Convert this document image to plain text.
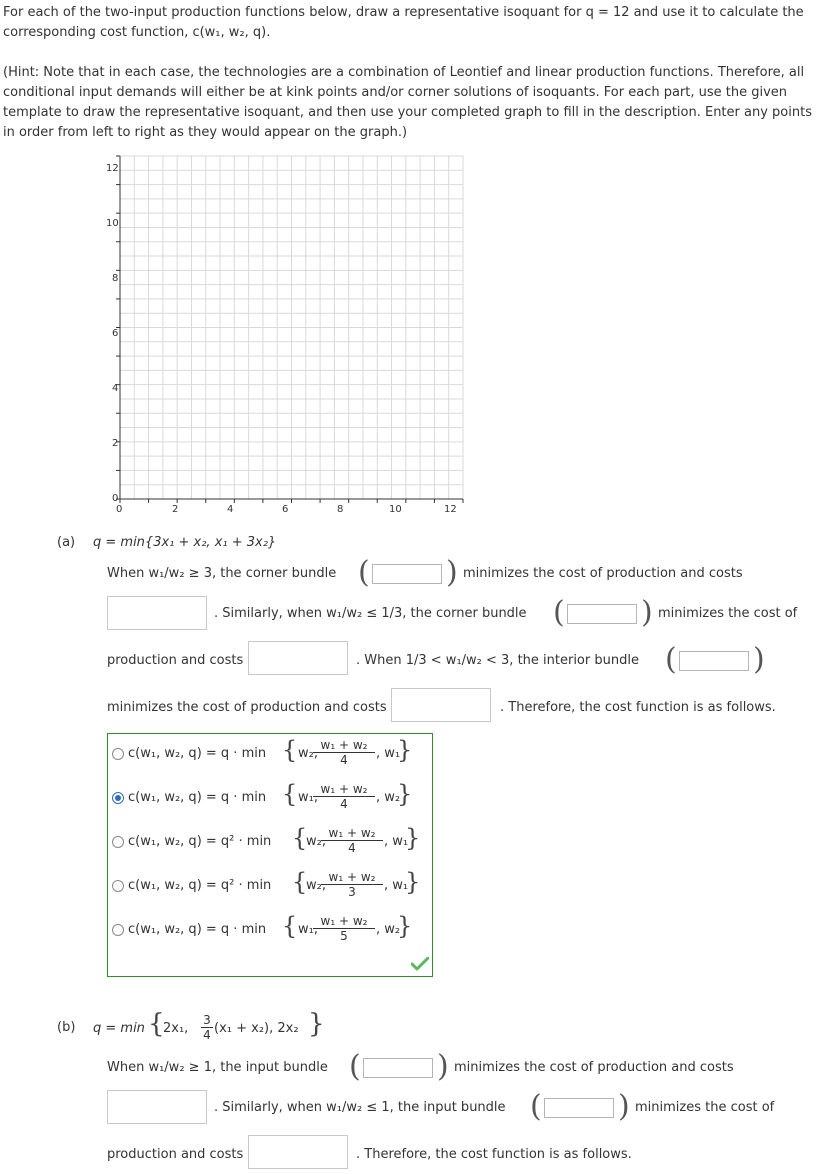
For each of the two-input production functions below, draw a representative isoquant for q = 12 and use it to calculate the
corresponding cost function, c(w₁, w₂, q).
(Hint: Note that in each case, the technologies are a combination of Leontief and linear production functions. Therefore, all
conditional input demands will either be at kink points and/or corner solutions of isoquants. For each part, use the given
template to draw the representative isoquant, and then use your completed graph to fill in the description. Enter any points
in order from left to right as they would appear on the graph.)
12
10
8
6
4
2
0
0	2	4	6	8	10	12
(a) q = min{3x₁ + x₂, x₁ + 3x₂}
When w₁/w₂ ≥ 3, the corner bundle (	) minimizes the cost of production and costs
. Similarly, when w₁/w₂ ≤ 1/3, the corner bundle (	) minimizes the cost of
production and costs	. When 1/3 < w₁/w₂ < 3, the interior bundle (	)
minimizes the cost of production and costs	. Therefore, the cost function is as follows.
c(w₁, w₂, q) = q · min { w₂,
$\frac{\text{w₁ + w₂}}{4}$ , w₁
}
c(w₁, w₂, q) = q · min { w₁,
$\frac{\text{w₁ + w₂}}{4}$ , w₂
}
c(w₁, w₂, q) = q² · min {
w₂,
$\frac{\text{w₁ + w₂}}{4}$ , w₁
}
c(w₁, w₂, q) = q² · min {
w₂,
$\frac{\text{w₁ + w₂}}{3}$ , w₁
}
c(w₁, w₂, q) = q · min { w₁,
$\frac{\text{w₁ + w₂}}{5}$ , w₂
}
(b) q = min {
2x₁, $\frac{3}{4} (x_1 + x_2)$, 2x₂ }
When w₁/w₂ ≥ 1, the input bundle (	) minimizes the cost of production and costs
. Similarly, when w₁/w₂ ≤ 1, the input bundle (	) minimizes the cost of
production and costs	. Therefore, the cost function is as follows.
